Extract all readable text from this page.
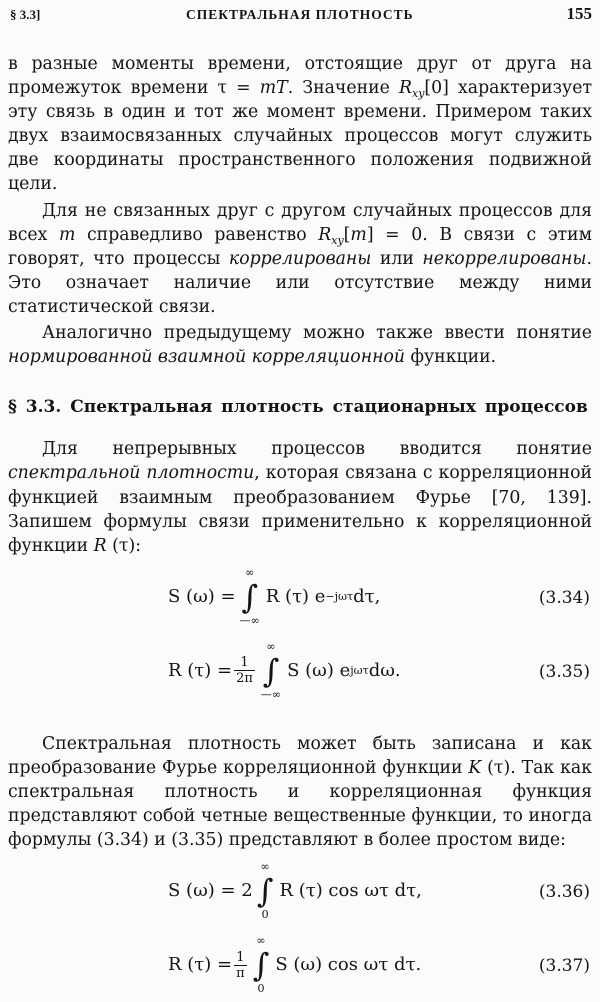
§ 3.3]	СПЕКТРАЛЬНАЯ ПЛОТНОСТЬ	155

в разные моменты времени, отстоящие друг от друга на промежуток времени τ = mT. Значение $R_{xy}[0]$ характеризует эту связь в один и тот же момент времени. Примером таких двух взаимосвязанных случайных процессов могут служить две координаты пространственного положения подвижной цели.

Для не связанных друг с другом случайных процессов для всех m справедливо равенство $R_{xy}[m] = 0$. В связи с этим говорят, что процессы коррелированы или некоррелированы. Это означает наличие или отсутствие между ними статистической связи.

Аналогично предыдущему можно также ввести понятие нормированной взаимной корреляционной функции.

§ 3.3. Спектральная плотность стационарных процессов

Для непрерывных процессов вводится понятие спектральной плотности, которая связана с корреляционной функцией взаимным преобразованием Фурье [70, 139]. Запишем формулы связи применительно к корреляционной функции R (τ):

S (ω) =
∞
∫
—∞
R (τ) e −jωτ dτ,	(3.34)
R $(\tau) = \frac{1}{2\pi}$
∞
∫
—∞
S (ω) e jωτ dω.	(3.35)

Спектральная плотность может быть записана и как преобразование Фурье корреляционной функции K (τ). Так как спектральная плотность и корреляционная функция представляют собой четные вещественные функции, то иногда формулы (3.34) и (3.35) представляют в более простом виде:

S (ω) = 2
∞
∫
0
R (τ) cos ωτ dτ,	(3.36)
R $(\tau) = \frac{1}{\pi}$
∞
∫
0
S (ω) cos ωτ dτ.	(3.37)
